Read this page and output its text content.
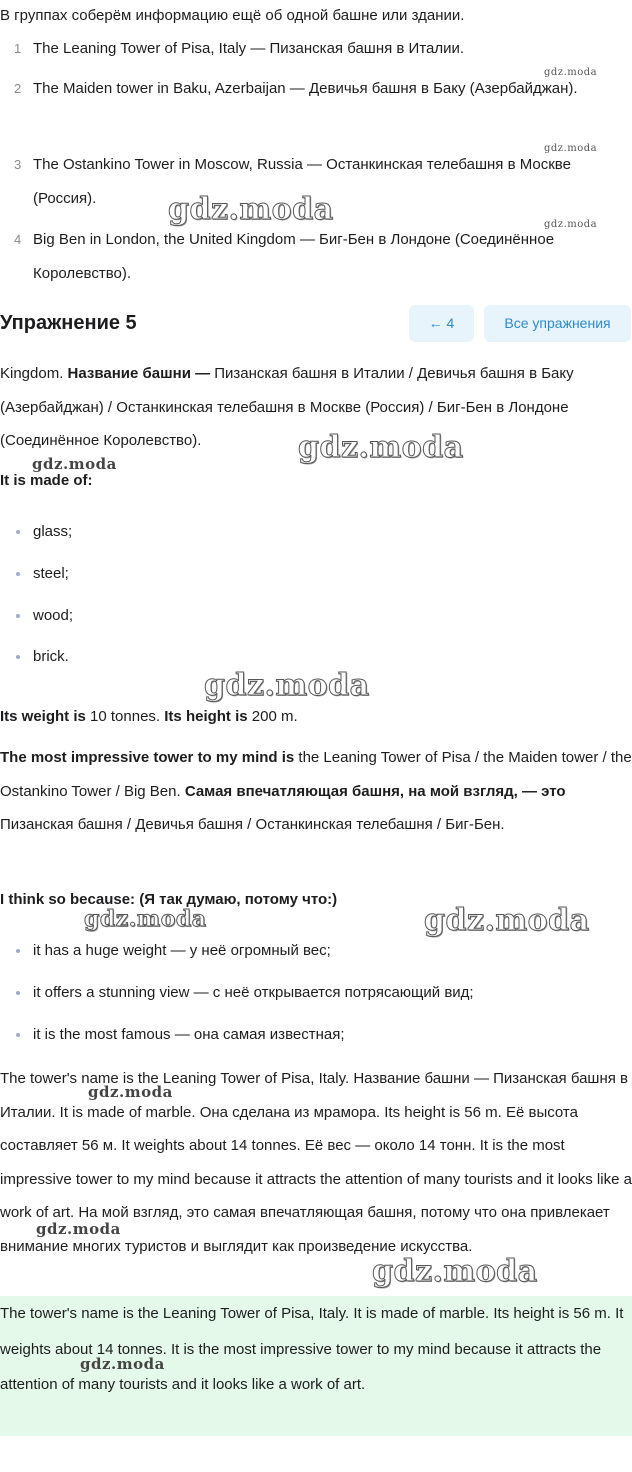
В группах соберём информацию ещё об одной башне или здании.

1 The Leaning Tower of Pisa, Italy — Пизанская башня в Италии.
2 The Maiden tower in Baku, Azerbaijan — Девичья башня в Баку (Азербайджан).
3 The Ostankino Tower in Moscow, Russia — Останкинская телебашня в Москве (Россия).
4 Big Ben in London, the United Kingdom — Биг-Бен в Лондоне (Соединённое Королевство).
Упражнение 5	← 4	Все упражнения

Kingdom. Название башни — Пизанская башня в Италии / Девичья башня в Баку (Азербайджан) / Останкинская телебашня в Москве (Россия) / Биг-Бен в Лондоне (Соединённое Королевство).

It is made of:

glass;
steel;
wood;
brick.

Its weight is 10 tonnes. Its height is 200 m.

The most impressive tower to my mind is the Leaning Tower of Pisa / the Maiden tower / the Ostankino Tower / Big Ben. Самая впечатляющая башня, на мой взгляд, — это Пизанская башня / Девичья башня / Останкинская телебашня / Биг-Бен.

I think so because: (Я так думаю, потому что:)

it has a huge weight — у неё огромный вес;
it offers a stunning view — с неё открывается потрясающий вид;
it is the most famous — она самая известная;

The tower's name is the Leaning Tower of Pisa, Italy. Название башни — Пизанская башня в Италии. It is made of marble. Она сделана из мрамора. Its height is 56 m. Её высота составляет 56 м. It weights about 14 tonnes. Её вес — около 14 тонн. It is the most impressive tower to my mind because it attracts the attention of many tourists and it looks like a work of art. На мой взгляд, это самая впечатляющая башня, потому что она привлекает внимание многих туристов и выглядит как произведение искусства.

The tower's name is the Leaning Tower of Pisa, Italy. It is made of marble. Its height is 56 m. It weights about 14 tonnes. It is the most impressive tower to my mind because it attracts the attention of many tourists and it looks like a work of art.

gdz.moda
gdz.moda
gdz.moda
gdz.moda
gdz.moda
gdz.moda
gdz.moda
gdz.moda	gdz.moda
gdz.moda
gdz.moda
gdz.moda
gdz.moda
